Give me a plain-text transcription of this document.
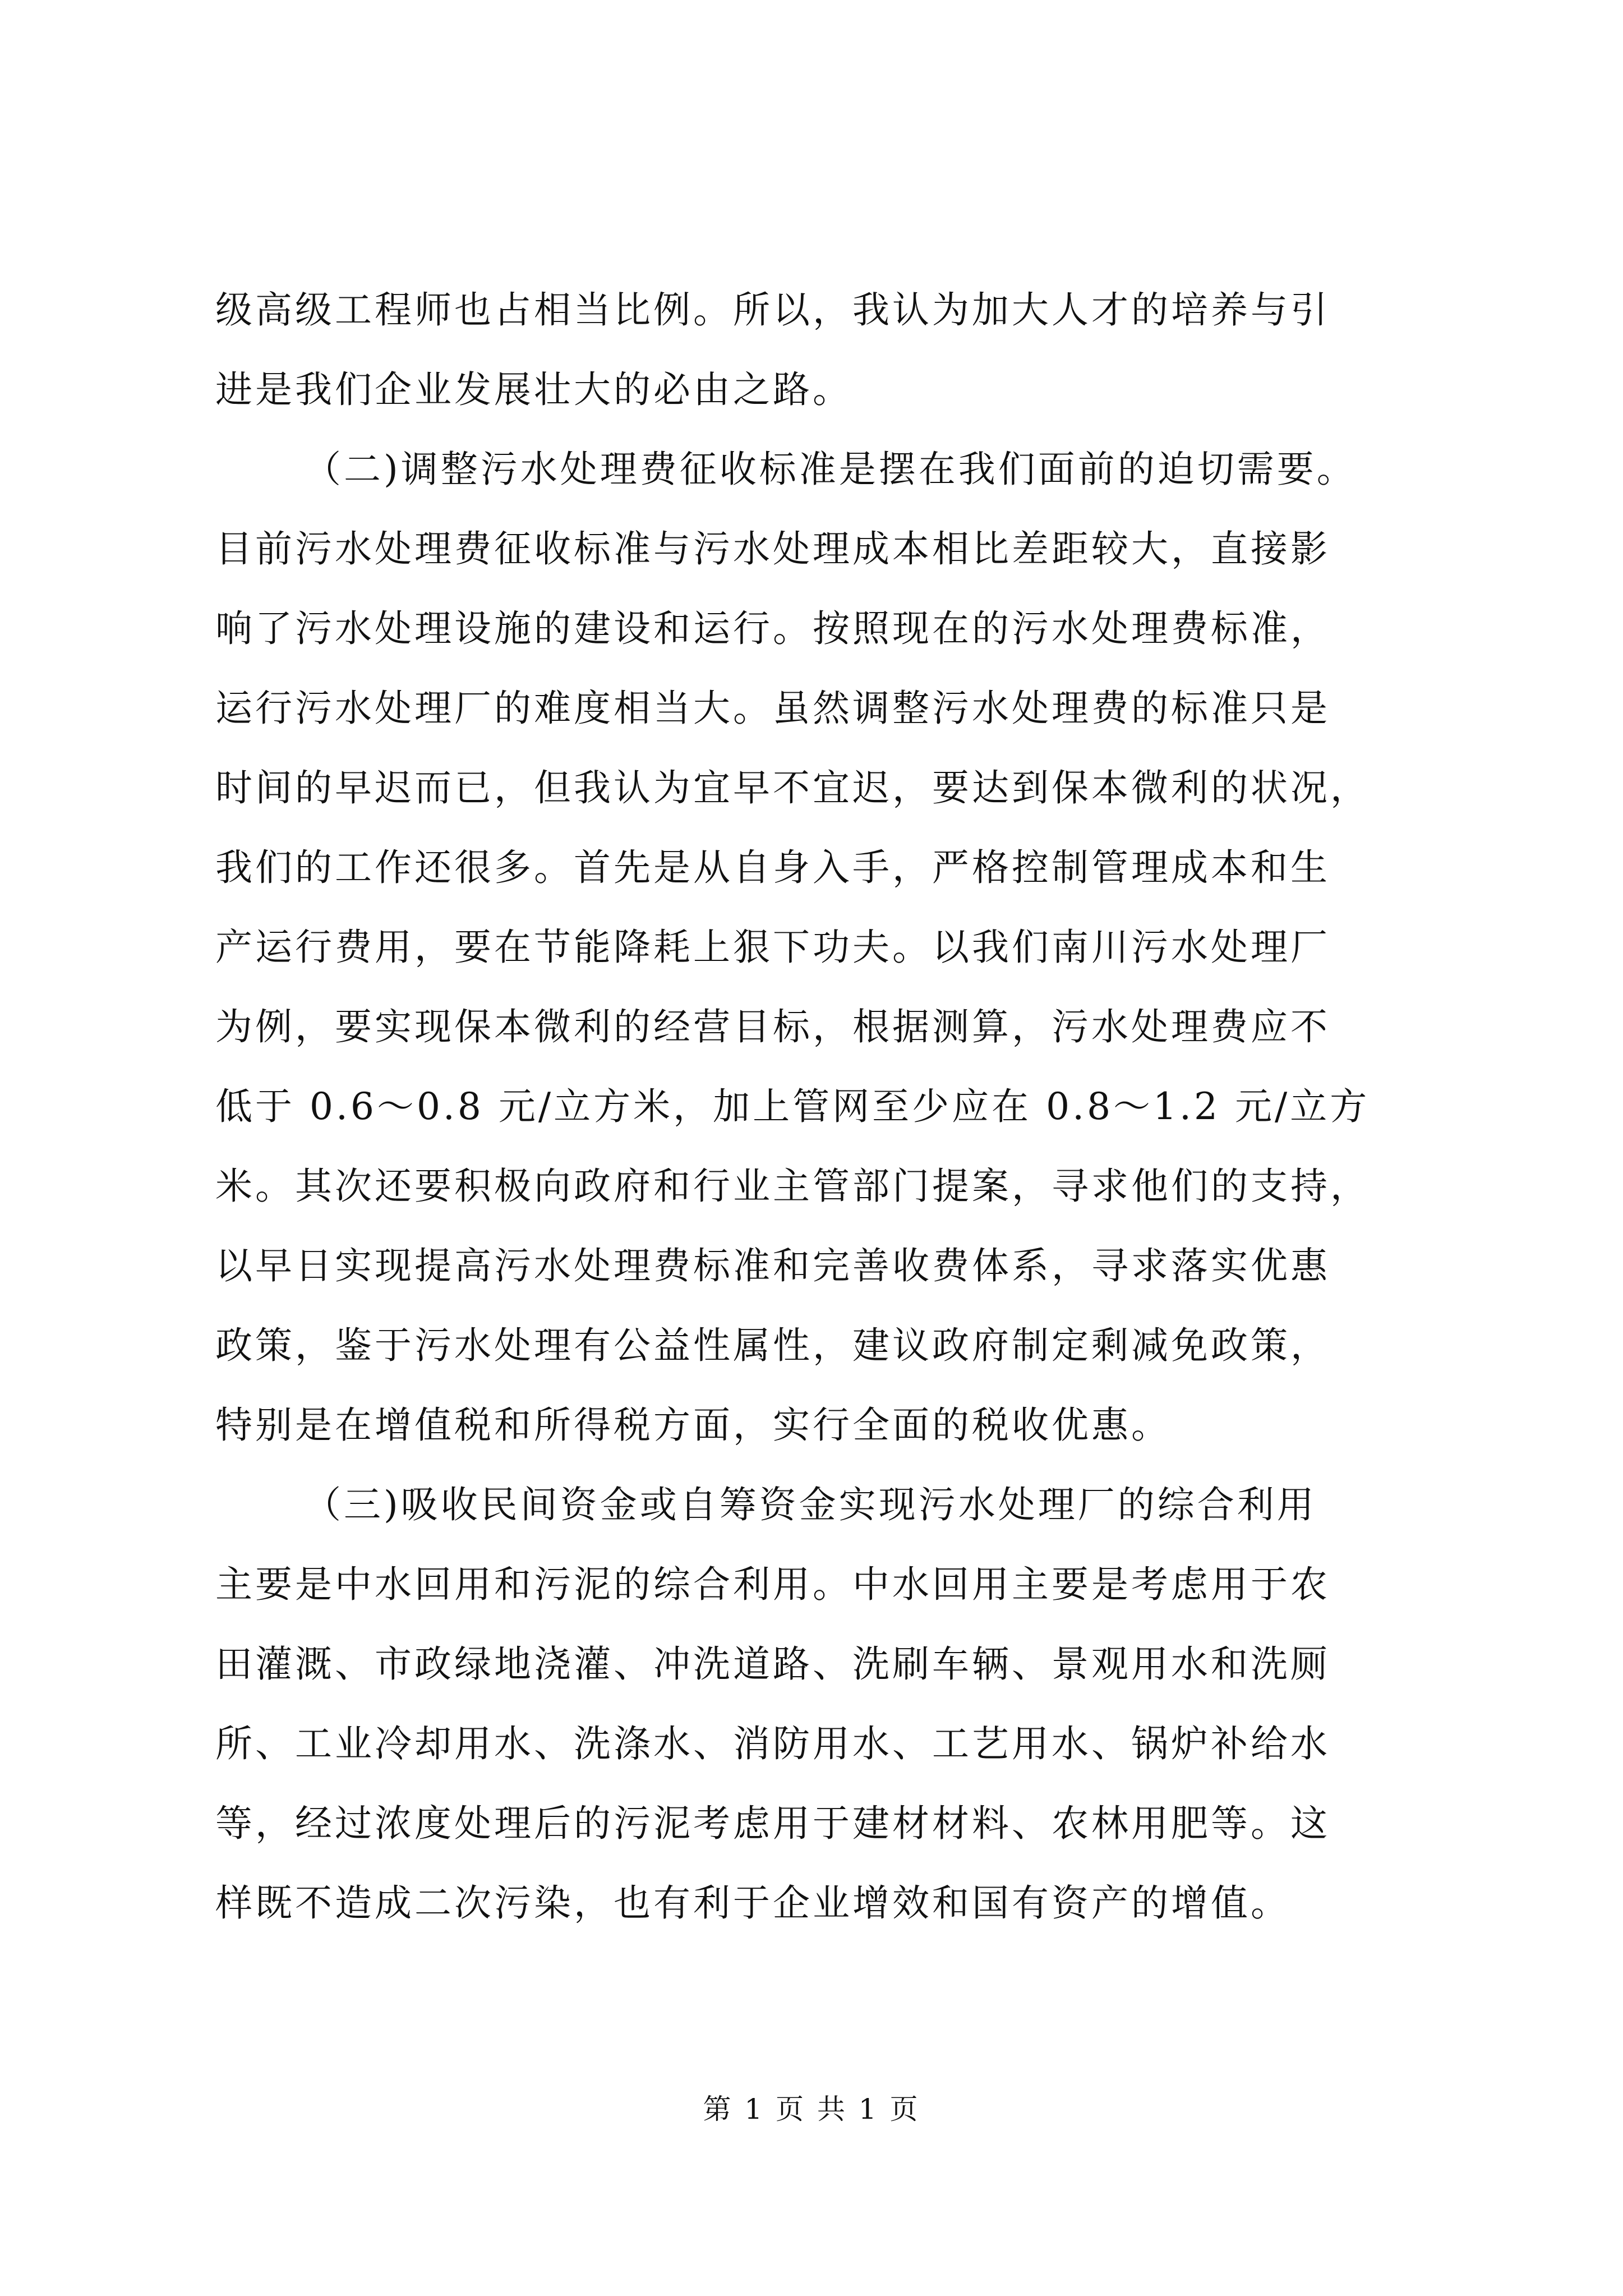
级高级工程师也占相当比例。所以，我认为加大人才的培养与引
进是我们企业发展壮大的必由之路。
（二)调整污水处理费征收标准是摆在我们面前的迫切需要。
目前污水处理费征收标准与污水处理成本相比差距较大，直接影
响了污水处理设施的建设和运行。按照现在的污水处理费标准，
运行污水处理厂的难度相当大。虽然调整污水处理费的标准只是
时间的早迟而已，但我认为宜早不宜迟，要达到保本微利的状况，
我们的工作还很多。首先是从自身入手，严格控制管理成本和生
产运行费用，要在节能降耗上狠下功夫。以我们南川污水处理厂
为例，要实现保本微利的经营目标，根据测算，污水处理费应不
低于 0.6～0.8 元/立方米，加上管网至少应在 0.8～1.2 元/立方
米。其次还要积极向政府和行业主管部门提案，寻求他们的支持，
以早日实现提高污水处理费标准和完善收费体系，寻求落实优惠
政策，鉴于污水处理有公益性属性，建议政府制定剩减免政策，
特别是在增值税和所得税方面，实行全面的税收优惠。
（三)吸收民间资金或自筹资金实现污水处理厂的综合利用
主要是中水回用和污泥的综合利用。中水回用主要是考虑用于农
田灌溉、市政绿地浇灌、冲洗道路、洗刷车辆、景观用水和洗厕
所、工业冷却用水、洗涤水、消防用水、工艺用水、锅炉补给水
等，经过浓度处理后的污泥考虑用于建材材料、农林用肥等。这
样既不造成二次污染，也有利于企业增效和国有资产的增值。
第 1 页 共 1 页
